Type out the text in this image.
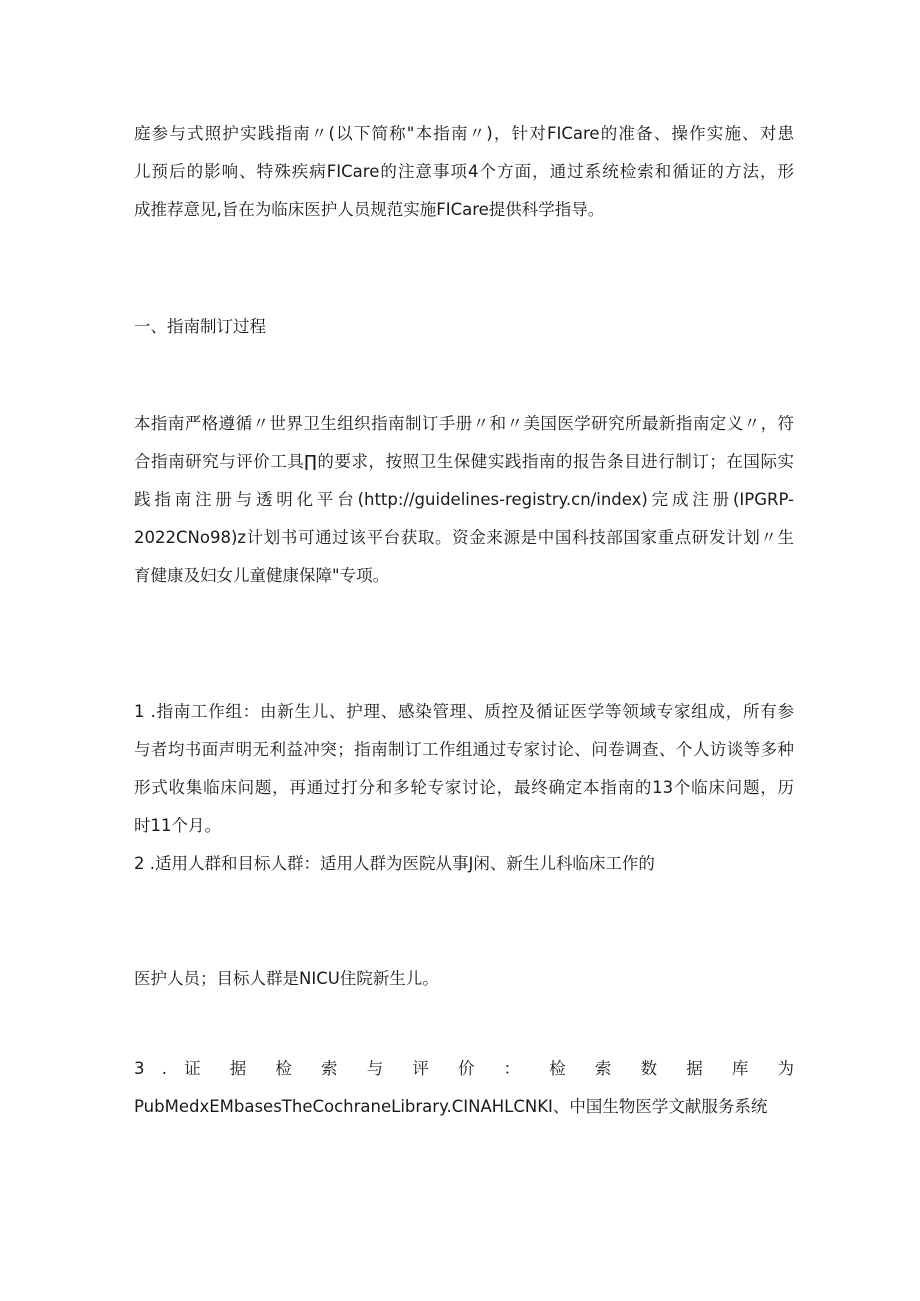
庭参与式照护实践指南〃(以下简称"本指南〃)，针对FICare的准备、操作实施、对患
儿预后的影响、特殊疾病FICare的注意事项4个方面，通过系统检索和循证的方法，形
成推荐意见,旨在为临床医护人员规范实施FICare提供科学指导。
一、指南制订过程
本指南严格遵循〃世界卫生组织指南制订手册〃和〃美国医学研究所最新指南定义〃，符
合指南研究与评价工具∏的要求，按照卫生保健实践指南的报告条目进行制订；在国际实
践指南注册与透明化平台(http://guidelines-registry.cn/index)完成注册(IPGRP-
2022CNo98)z计划书可通过该平台获取。资金来源是中国科技部国家重点研发计划〃生
育健康及妇女儿童健康保障"专项。
1 .指南工作组：由新生儿、护理、感染管理、质控及循证医学等领域专家组成，所有参
与者均书面声明无利益冲突；指南制订工作组通过专家讨论、问卷调查、个人访谈等多种
形式收集临床问题，再通过打分和多轮专家讨论，最终确定本指南的13个临床问题，历
时11个月。
2 .适用人群和目标人群：适用人群为医院从事J闲、新生儿科临床工作的
医护人员；目标人群是NICU住院新生儿。
3 . 证 据 检 索 与 评 价 ： 检 索 数 据 库 为
PubMedxEMbasesTheCochraneLibrary.CINAHLCNKI、中国生物医学文献服务系统
